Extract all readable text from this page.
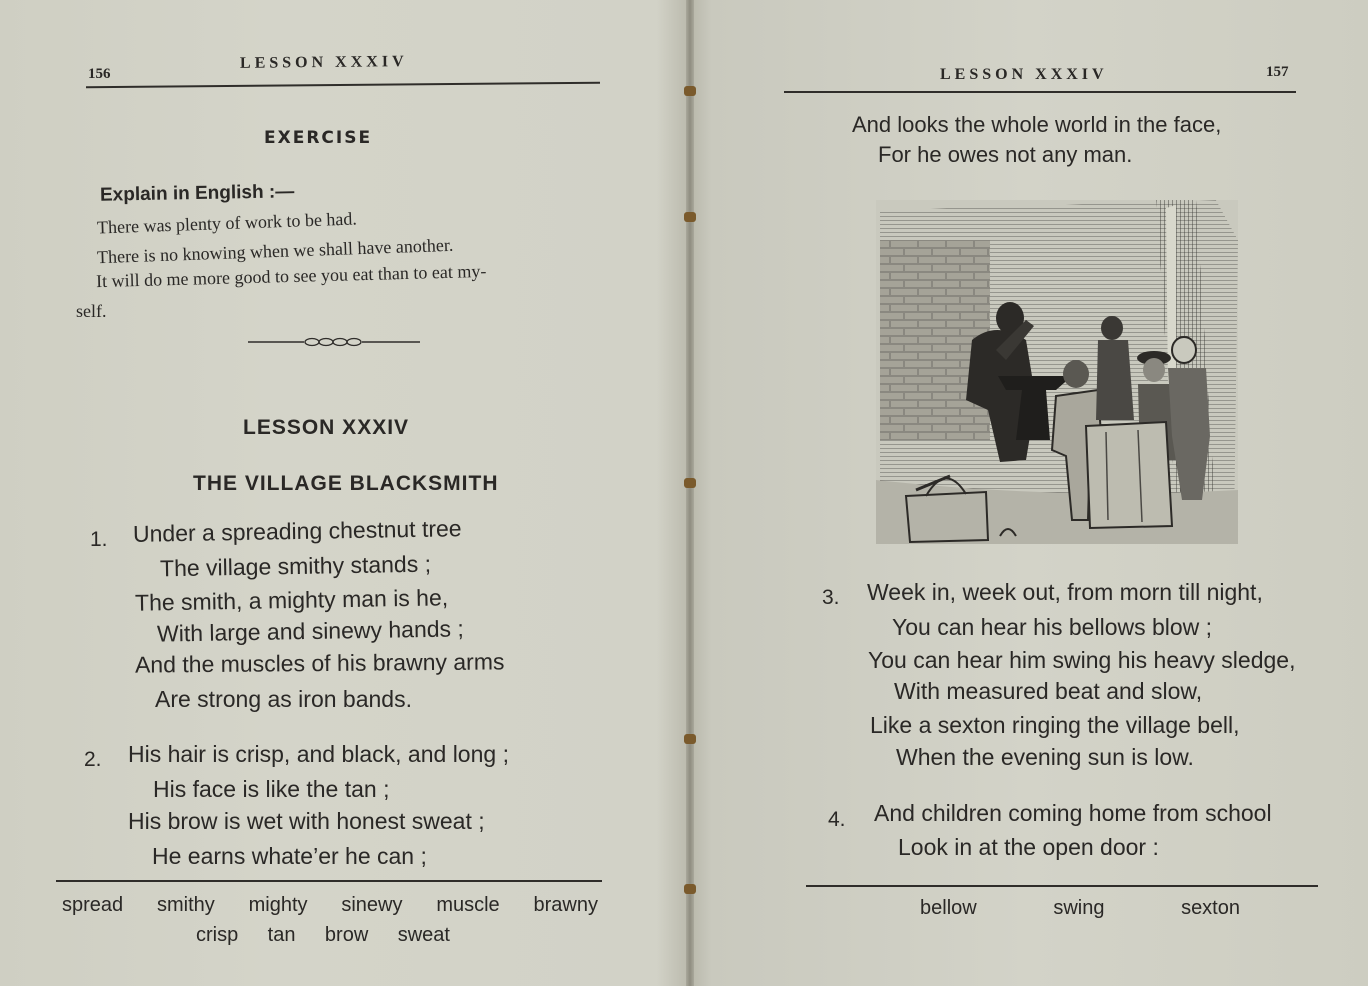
156
LESSON XXXIV
EXERCISE
Explain in English :—
There was plenty of work to be had.
There is no knowing when we shall have another.
It will do me more good to see you eat than to eat my-
self.
LESSON XXXIV
THE VILLAGE BLACKSMITH
1. Under a spreading chestnut tree
The village smithy stands ;
The smith, a mighty man is he,
With large and sinewy hands ;
And the muscles of his brawny arms
Are strong as iron bands.
2. His hair is crisp, and black, and long ;
His face is like the tan ;
His brow is wet with honest sweat ;
He earns whate’er he can ;
spread smithy mighty sinewy muscle brawny
crisp tan brow sweat
LESSON XXXIV	157
And looks the whole world in the face,
For he owes not any man.
3. Week in, week out, from morn till night,
You can hear his bellows blow ;
You can hear him swing his heavy sledge,
With measured beat and slow,
Like a sexton ringing the village bell,
When the evening sun is low.
4. And children coming home from school
Look in at the open door :
bellow	swing	sexton
